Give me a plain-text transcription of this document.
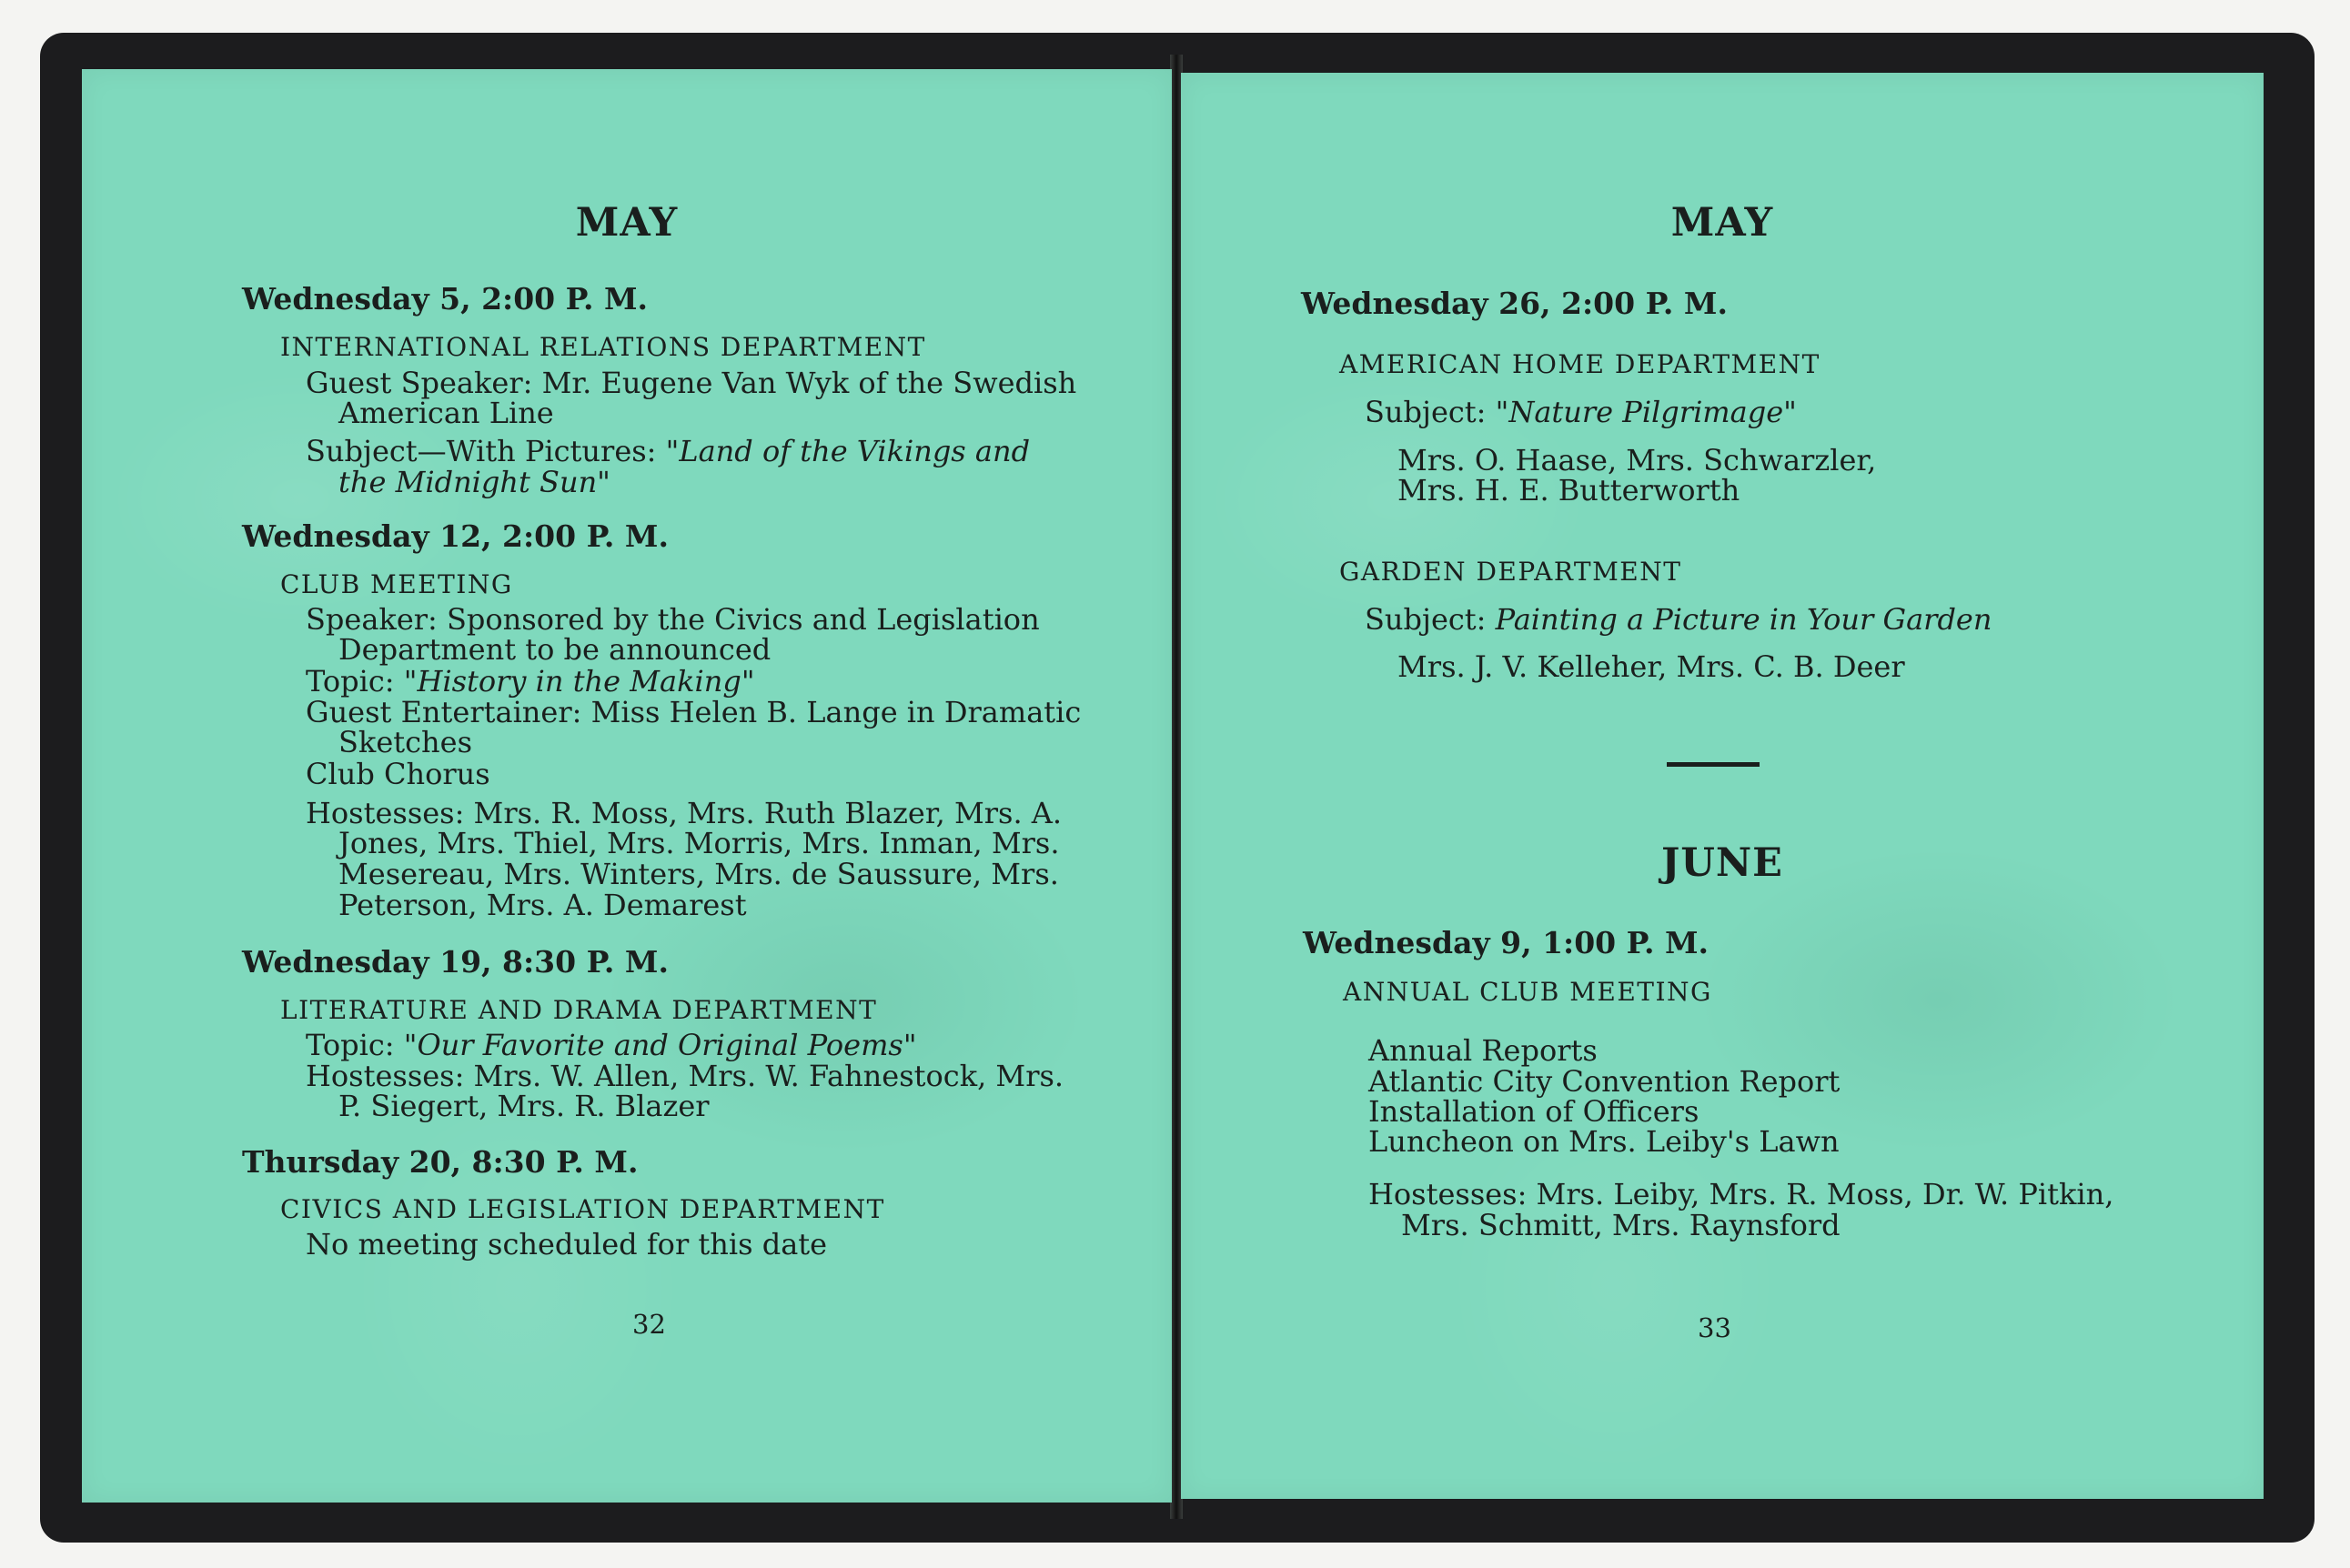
MAY
Wednesday 5, 2:00 P. M.
INTERNATIONAL RELATIONS DEPARTMENT
Guest Speaker: Mr. Eugene Van Wyk of the Swedish
American Line
Subject—With Pictures: "Land of the Vikings and
the Midnight Sun"
Wednesday 12, 2:00 P. M.
CLUB MEETING
Speaker: Sponsored by the Civics and Legislation
Department to be announced
Topic: "History in the Making"
Guest Entertainer: Miss Helen B. Lange in Dramatic
Sketches
Club Chorus
Hostesses: Mrs. R. Moss, Mrs. Ruth Blazer, Mrs. A.
Jones, Mrs. Thiel, Mrs. Morris, Mrs. Inman, Mrs.
Mesereau, Mrs. Winters, Mrs. de Saussure, Mrs.
Peterson, Mrs. A. Demarest
Wednesday 19, 8:30 P. M.
LITERATURE AND DRAMA DEPARTMENT
Topic: "Our Favorite and Original Poems"
Hostesses: Mrs. W. Allen, Mrs. W. Fahnestock, Mrs.
P. Siegert, Mrs. R. Blazer
Thursday 20, 8:30 P. M.
CIVICS AND LEGISLATION DEPARTMENT
No meeting scheduled for this date
32
MAY
Wednesday 26, 2:00 P. M.
AMERICAN HOME DEPARTMENT
Subject: "Nature Pilgrimage"
Mrs. O. Haase, Mrs. Schwarzler,
Mrs. H. E. Butterworth
GARDEN DEPARTMENT
Subject: Painting a Picture in Your Garden
Mrs. J. V. Kelleher, Mrs. C. B. Deer
JUNE
Wednesday 9, 1:00 P. M.
ANNUAL CLUB MEETING
Annual Reports
Atlantic City Convention Report
Installation of Officers
Luncheon on Mrs. Leiby's Lawn
Hostesses: Mrs. Leiby, Mrs. R. Moss, Dr. W. Pitkin,
Mrs. Schmitt, Mrs. Raynsford
33
